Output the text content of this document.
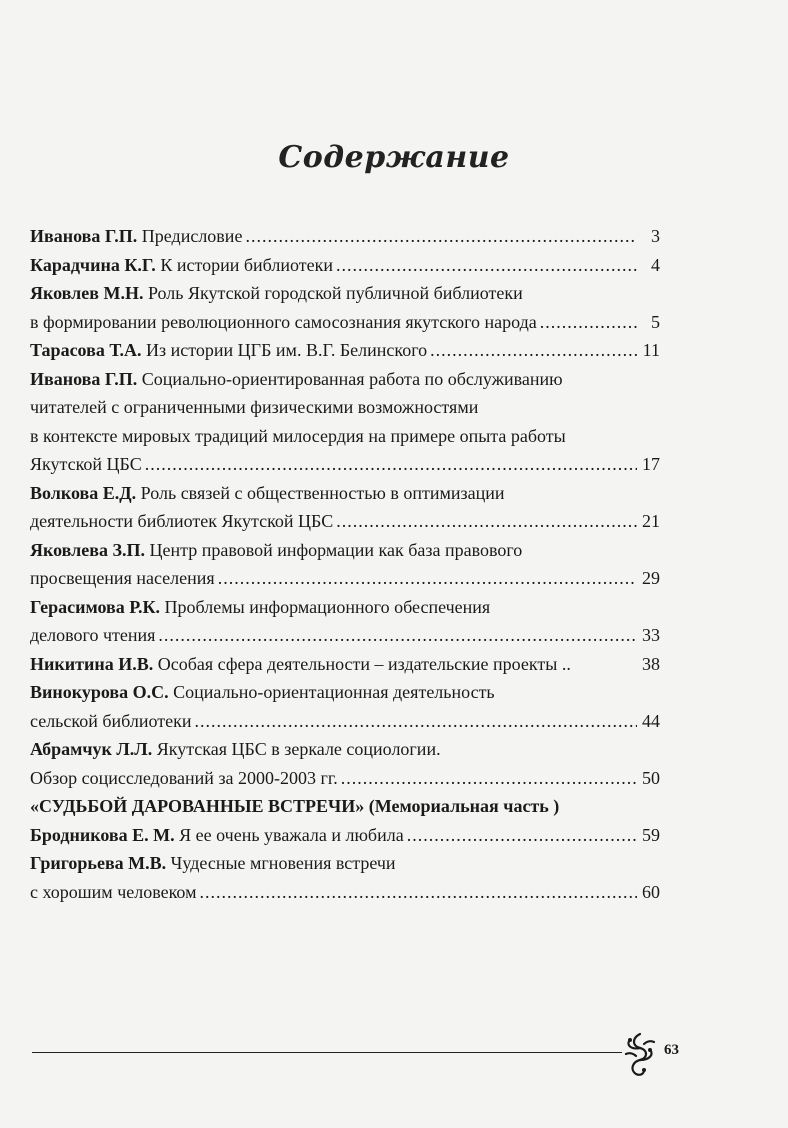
Содержание
Иванова Г.П. Предисловие .....	3
Карадчина К.Г. К истории библиотеки .....	4
Яковлев М.Н. Роль Якутской городской публичной библиотеки
в формировании революционного самосознания якутского народа .....	5
Тарасова Т.А. Из истории ЦГБ им. В.Г. Белинского .....	11
Иванова Г.П. Социально-ориентированная работа по обслуживанию
читателей с ограниченными физическими возможностями
в контексте мировых традиций милосердия на примере опыта работы
Якутской ЦБС .....	17
Волкова Е.Д. Роль связей с общественностью в оптимизации
деятельности библиотек Якутской ЦБС .....	21
Яковлева З.П. Центр правовой информации как база правового
просвещения населения .....	29
Герасимова Р.К. Проблемы информационного обеспечения
делового чтения .....	33
Никитина И.В. Особая сфера деятельности – издательские проекты ..	38
Винокурова О.С. Социально-ориентационная деятельность
сельской библиотеки .....	44
Абрамчук Л.Л. Якутская ЦБС в зеркале социологии.
Обзор социсследований за 2000-2003 гг. .....	50
«СУДЬБОЙ ДАРОВАННЫЕ ВСТРЕЧИ» (Мемориальная часть )
Бродникова Е. М. Я ее очень уважала и любила .....	59
Григорьева М.В. Чудесные мгновения встречи
с хорошим человеком .....	60
63
